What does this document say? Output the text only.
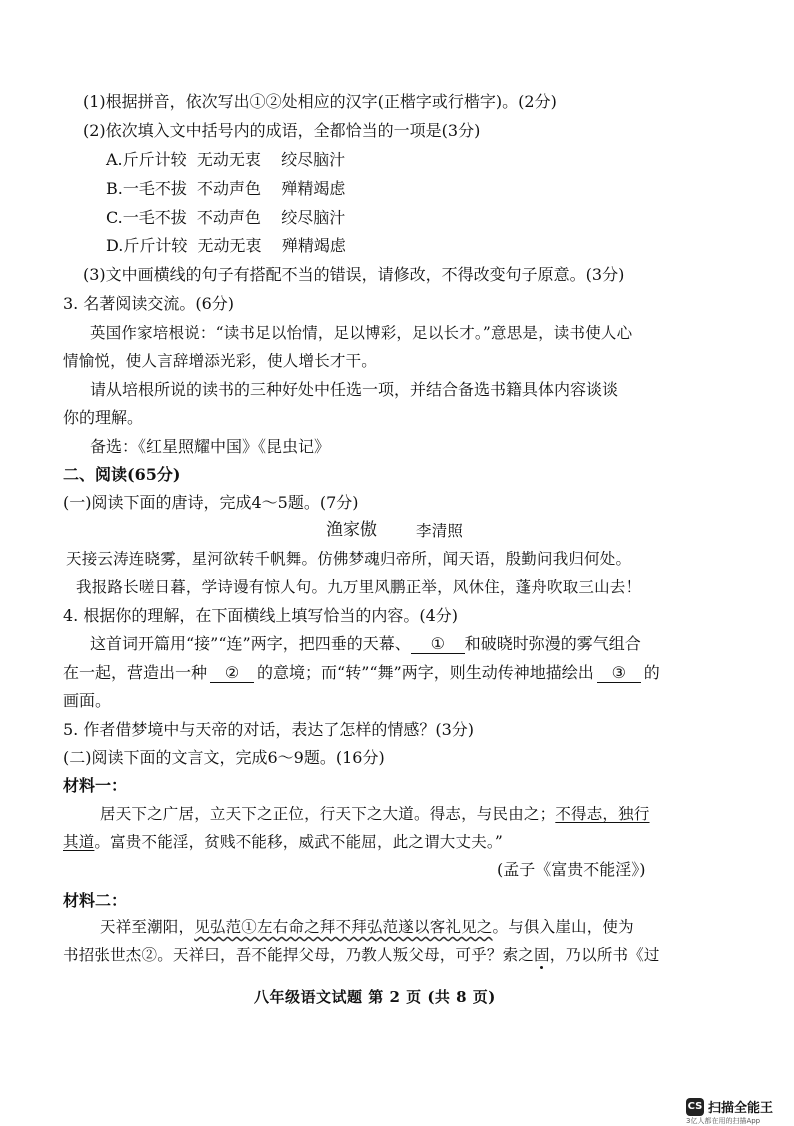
(1)根据拼音，依次写出①②处相应的汉字(正楷字或行楷字)。(2分)
(2)依次填入文中括号内的成语，全都恰当的一项是(3分)
A.斤斤计较  无动无衷    绞尽脑汁
B.一毛不拔  不动声色    殚精竭虑
C.一毛不拔  不动声色    绞尽脑汁
D.斤斤计较  无动无衷    殚精竭虑
(3)文中画横线的句子有搭配不当的错误，请修改，不得改变句子原意。(3分)
3. 名著阅读交流。(6分)
英国作家培根说：“读书足以怡情，足以博彩，足以长才。”意思是，读书使人心
情愉悦，使人言辞增添光彩，使人增长才干。
请从培根所说的读书的三种好处中任选一项，并结合备选书籍具体内容谈谈
你的理解。
备选：《红星照耀中国》《昆虫记》
二、阅读(65分)
(一)阅读下面的唐诗，完成4～5题。(7分)
渔家傲	李清照
天接云涛连晓雾，星河欲转千帆舞。仿佛梦魂归帝所，闻天语，殷勤问我归何处。
我报路长嗟日暮，学诗谩有惊人句。九万里风鹏正举，风休住，蓬舟吹取三山去！
4. 根据你的理解，在下面横线上填写恰当的内容。(4分)
这首词开篇用“接”“连”两字，把四垂的天幕、 ① 和破晓时弥漫的雾气组合
在一起，营造出一种 ② 的意境；而“转”“舞”两字，则生动传神地描绘出 ③ 的
画面。
5. 作者借梦境中与天帝的对话，表达了怎样的情感？(3分)
(二)阅读下面的文言文，完成6～9题。(16分)
材料一：
居天下之广居，立天下之正位，行天下之大道。得志，与民由之；不得志，独行
其道。富贵不能淫，贫贱不能移，威武不能屈，此之谓大丈夫。”
(孟子《富贵不能淫》)
材料二：
天祥至潮阳，见弘范①左右命之拜不拜弘范遂以客礼见之。与俱入崖山，使为
书招张世杰②。天祥曰，吾不能捍父母，乃教人叛父母，可乎？索之固，乃以所书《过
八年级语文试题 第 2 页 (共 8 页)
CS 扫描全能王
3亿人都在用的扫描App
